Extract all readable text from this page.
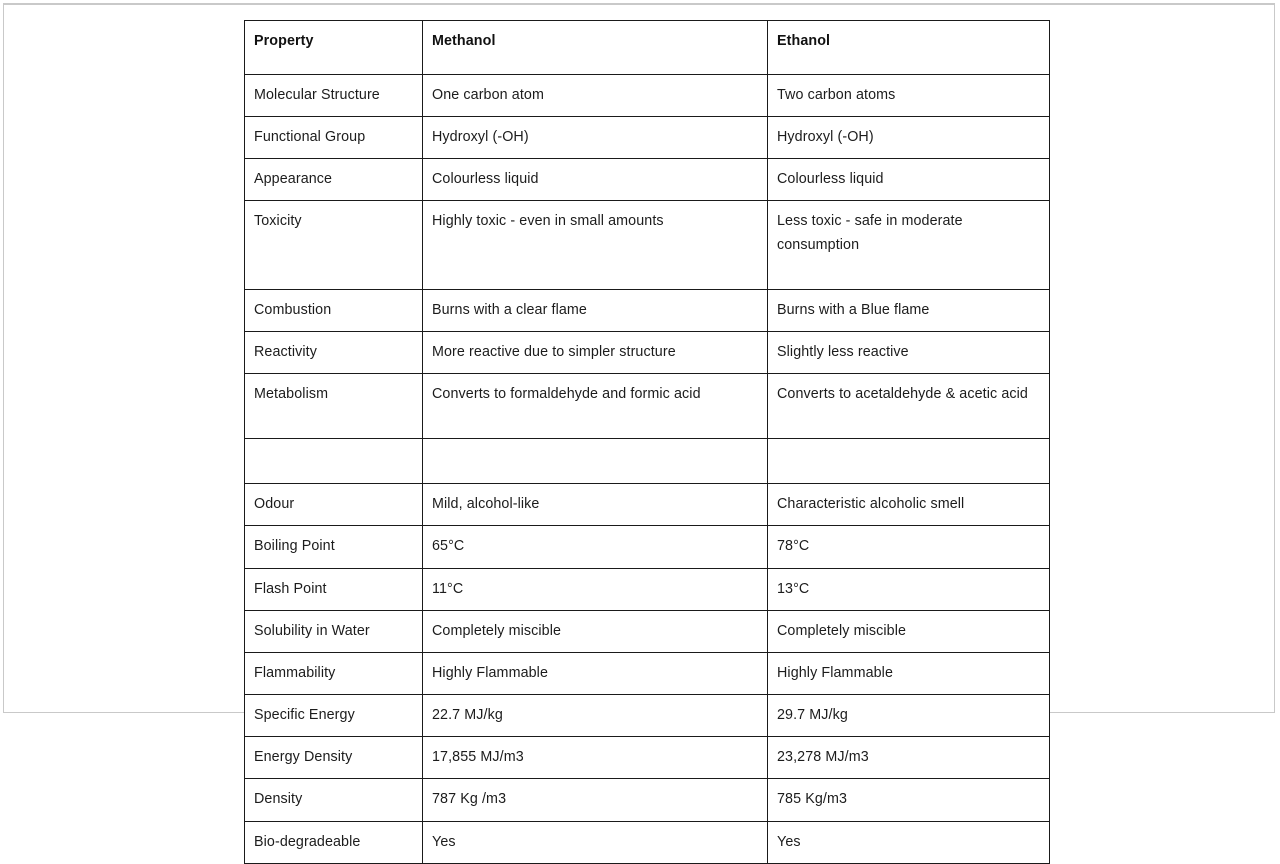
Property	Methanol	Ethanol
Molecular Structure	One carbon atom	Two carbon atoms
Functional Group	Hydroxyl (-OH)	Hydroxyl (-OH)
Appearance	Colourless liquid	Colourless liquid
Toxicity	Highly toxic - even in small amounts	Less toxic - safe in moderate consumption
Combustion	Burns with a clear flame	Burns with a Blue flame
Reactivity	More reactive due to simpler structure	Slightly less reactive
Metabolism	Converts to formaldehyde and formic acid	Converts to acetaldehyde & acetic acid

Odour	Mild, alcohol-like	Characteristic alcoholic smell
Boiling Point	65°C	78°C
Flash Point	11°C	13°C
Solubility in Water	Completely miscible	Completely miscible
Flammability	Highly Flammable	Highly Flammable
Specific Energy	22.7 MJ/kg	29.7 MJ/kg
Energy Density	17,855 MJ/m3	23,278 MJ/m3
Density	787 Kg /m3	785 Kg/m3
Bio-degradeable	Yes	Yes
